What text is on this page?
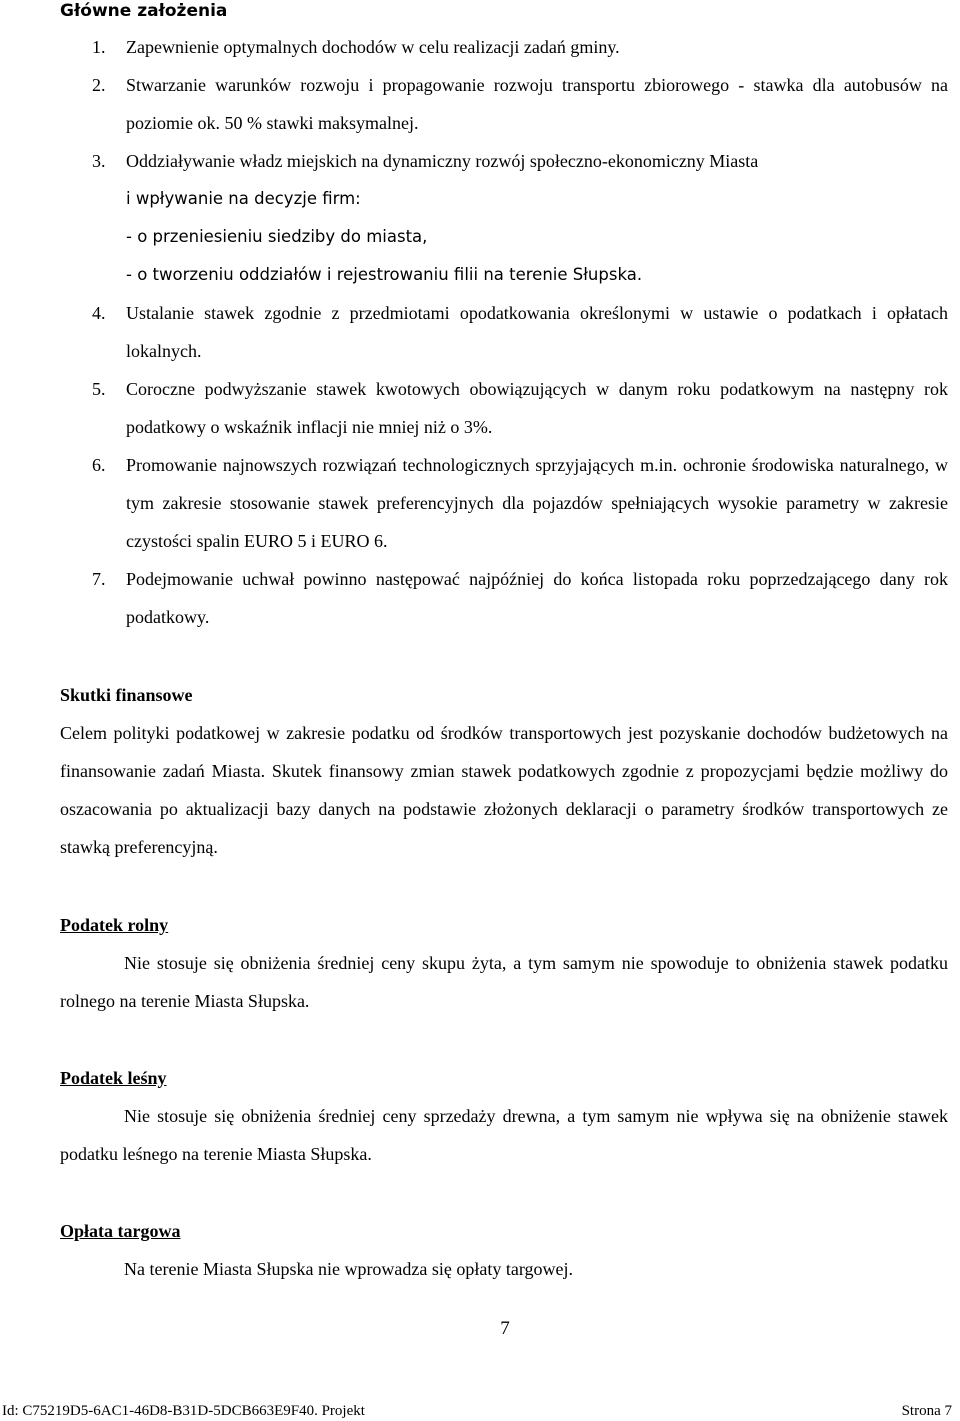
Główne założenia
1. Zapewnienie optymalnych dochodów w celu realizacji zadań gminy.
2. Stwarzanie warunków rozwoju i propagowanie rozwoju transportu zbiorowego - stawka dla autobusów na poziomie ok. 50 % stawki maksymalnej.
3. Oddziaływanie władz miejskich na dynamiczny rozwój społeczno-ekonomiczny Miasta
i wpływanie na decyzje firm:
- o przeniesieniu siedziby do miasta,
- o tworzeniu oddziałów i rejestrowaniu filii na terenie Słupska.
4. Ustalanie stawek zgodnie z przedmiotami opodatkowania określonymi w ustawie o podatkach i opłatach lokalnych.
5. Coroczne podwyższanie stawek kwotowych obowiązujących w danym roku podatkowym na następny rok podatkowy o wskaźnik inflacji nie mniej niż o 3%.
6. Promowanie najnowszych rozwiązań technologicznych sprzyjających m.in. ochronie środowiska naturalnego, w tym zakresie stosowanie stawek preferencyjnych dla pojazdów spełniających wysokie parametry w zakresie czystości spalin EURO 5 i EURO 6.
7. Podejmowanie uchwał powinno następować najpóźniej do końca listopada roku poprzedzającego dany rok podatkowy.
Skutki finansowe
Celem polityki podatkowej w zakresie podatku od środków transportowych jest pozyskanie dochodów budżetowych na finansowanie zadań Miasta. Skutek finansowy zmian stawek podatkowych zgodnie z propozycjami będzie możliwy do oszacowania po aktualizacji bazy danych na podstawie złożonych deklaracji o parametry środków transportowych ze stawką preferencyjną.
Podatek rolny
Nie stosuje się obniżenia średniej ceny skupu żyta, a tym samym nie spowoduje to obniżenia stawek podatku rolnego na terenie Miasta Słupska.
Podatek leśny
Nie stosuje się obniżenia średniej ceny sprzedaży drewna, a tym samym nie wpływa się na obniżenie stawek podatku leśnego na terenie Miasta Słupska.
Opłata targowa
Na terenie Miasta Słupska nie wprowadza się opłaty targowej.
7
Id: C75219D5-6AC1-46D8-B31D-5DCB663E9F40. Projekt	Strona 7
